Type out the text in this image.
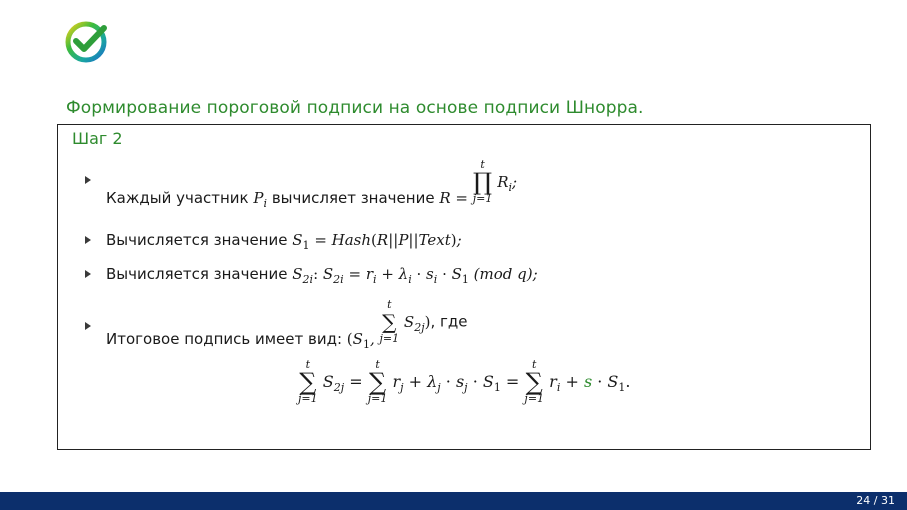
Формирование пороговой подписи на основе подписи Шнорра.
Шаг 2
Каждый участник $P_i$ вычисляет значение R =
t
∏
j=1
$R_i$;
Вычисляется значение $S_1$ = Hash(R||P||Text);
Вычисляется значение $S_{2i}$: $S_{2i} = r_i + \lambda_i \cdot s_i \cdot S_1$ (mod q);
Итоговое подпись имеет вид: ($S_1$,
t
∑
j=1
$S_{2j}$), где
t
∑
j=1
$S_{2j}$ =
t
∑
j=1
$r_j + \lambda_j \cdot s_j \cdot S_1$ =
t
∑
j=1
$r_i + s \cdot S_1$.
24 / 31
